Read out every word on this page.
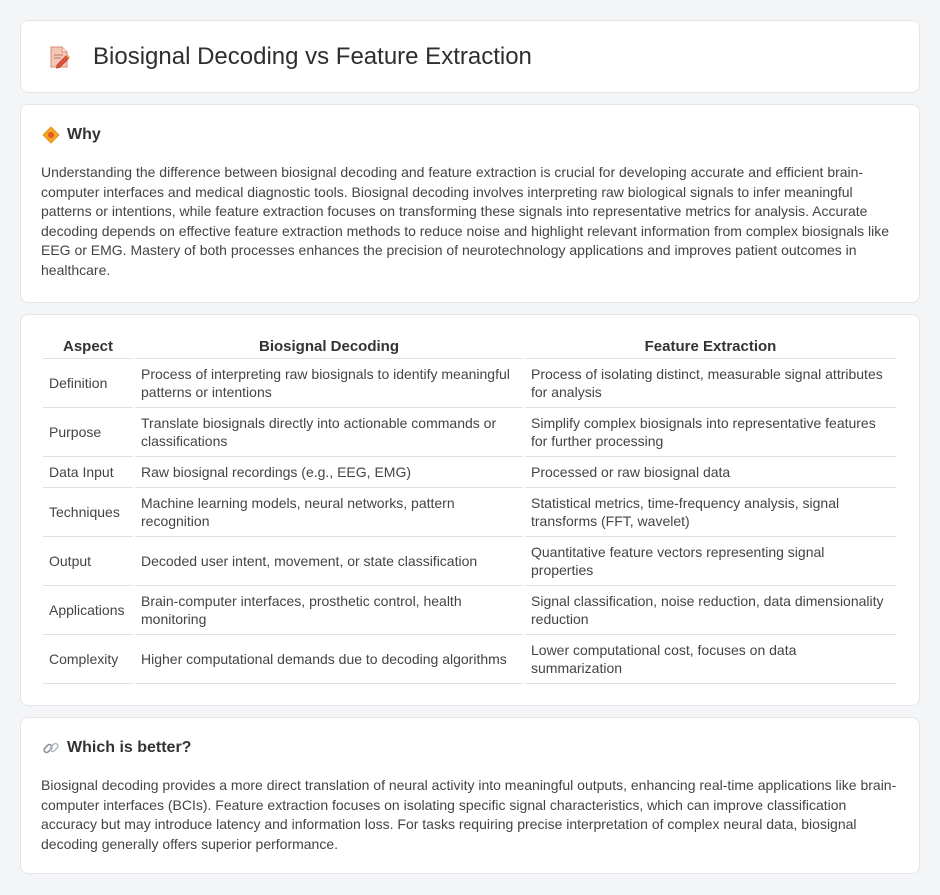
Biosignal Decoding vs Feature Extraction
Why

Understanding the difference between biosignal decoding and feature extraction is crucial for developing accurate and efficient brain-computer interfaces and medical diagnostic tools. Biosignal decoding involves interpreting raw biological signals to infer meaningful patterns or intentions, while feature extraction focuses on transforming these signals into representative metrics for analysis. Accurate decoding depends on effective feature extraction methods to reduce noise and highlight relevant information from complex biosignals like EEG or EMG. Mastery of both processes enhances the precision of neurotechnology applications and improves patient outcomes in healthcare.

Aspect	Biosignal Decoding	Feature Extraction
Definition	Process of interpreting raw biosignals to identify meaningful patterns or intentions	Process of isolating distinct, measurable signal attributes for analysis
Purpose	Translate biosignals directly into actionable commands or classifications	Simplify complex biosignals into representative features for further processing
Data Input	Raw biosignal recordings (e.g., EEG, EMG)	Processed or raw biosignal data
Techniques	Machine learning models, neural networks, pattern recognition	Statistical metrics, time-frequency analysis, signal transforms (FFT, wavelet)
Output	Decoded user intent, movement, or state classification	Quantitative feature vectors representing signal properties
Applications	Brain-computer interfaces, prosthetic control, health monitoring	Signal classification, noise reduction, data dimensionality reduction
Complexity	Higher computational demands due to decoding algorithms	Lower computational cost, focuses on data summarization
Which is better?

Biosignal decoding provides a more direct translation of neural activity into meaningful outputs, enhancing real-time applications like brain-computer interfaces (BCIs). Feature extraction focuses on isolating specific signal characteristics, which can improve classification accuracy but may introduce latency and information loss. For tasks requiring precise interpretation of complex neural data, biosignal decoding generally offers superior performance.
